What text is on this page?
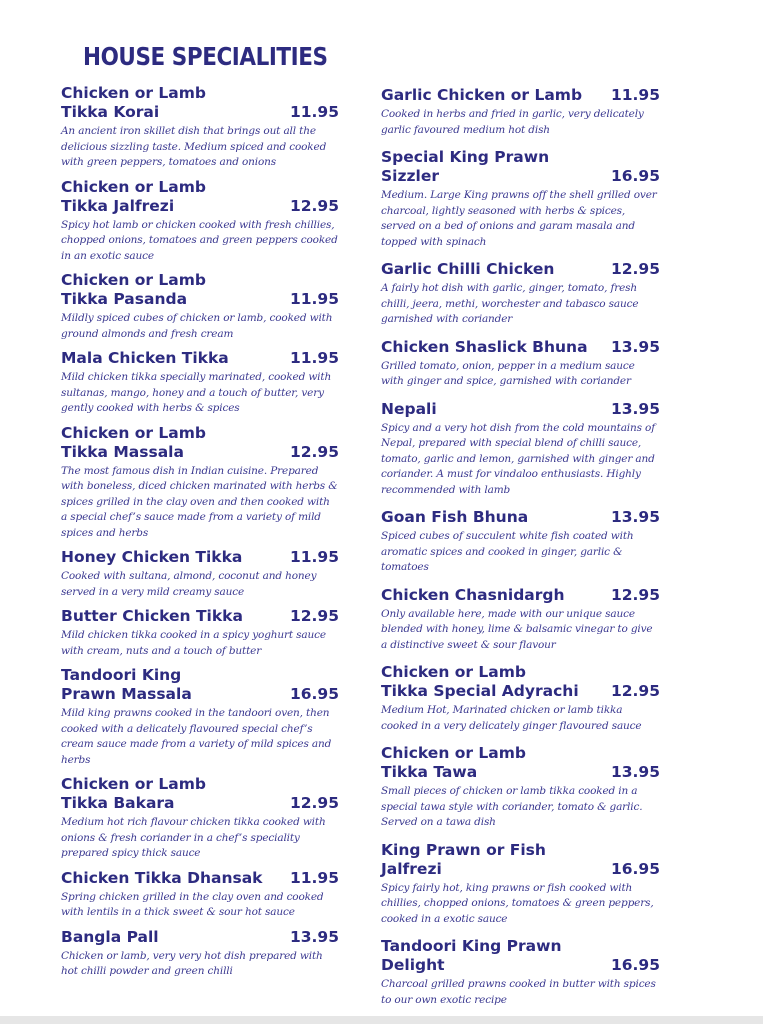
HOUSE SPECIALITIES
Chicken or Lamb
Tikka Korai	11.95
An ancient iron skillet dish that brings out all the delicious sizzling taste. Medium spiced and cooked with green peppers, tomatoes and onions
Chicken or Lamb
Tikka Jalfrezi	12.95
Spicy hot lamb or chicken cooked with fresh chillies, chopped onions, tomatoes and green peppers cooked in an exotic sauce
Chicken or Lamb
Tikka Pasanda	11.95
Mildly spiced cubes of chicken or lamb, cooked with ground almonds and fresh cream
Mala Chicken Tikka	11.95
Mild chicken tikka specially marinated, cooked with sultanas, mango, honey and a touch of butter, very gently cooked with herbs & spices
Chicken or Lamb
Tikka Massala	12.95
The most famous dish in Indian cuisine. Prepared with boneless, diced chicken marinated with herbs & spices grilled in the clay oven and then cooked with a special chef’s sauce made from a variety of mild spices and herbs
Honey Chicken Tikka	11.95
Cooked with sultana, almond, coconut and honey served in a very mild creamy sauce
Butter Chicken Tikka	12.95
Mild chicken tikka cooked in a spicy yoghurt sauce with cream, nuts and a touch of butter
Tandoori King
Prawn Massala	16.95
Mild king prawns cooked in the tandoori oven, then cooked with a delicately flavoured special chef’s cream sauce made from a variety of mild spices and herbs
Chicken or Lamb
Tikka Bakara	12.95
Medium hot rich flavour chicken tikka cooked with onions & fresh coriander in a chef’s speciality prepared spicy thick sauce
Chicken Tikka Dhansak	11.95
Spring chicken grilled in the clay oven and cooked with lentils in a thick sweet & sour hot sauce
Bangla Pall	13.95
Chicken or lamb, very very hot dish prepared with hot chilli powder and green chilli
Garlic Chicken or Lamb	11.95
Cooked in herbs and fried in garlic, very delicately garlic favoured medium hot dish
Special King Prawn Sizzler	16.95
Medium. Large King prawns off the shell grilled over charcoal, lightly seasoned with herbs & spices, served on a bed of onions and garam masala and topped with spinach
Garlic Chilli Chicken	12.95
A fairly hot dish with garlic, ginger, tomato, fresh chilli, jeera, methi, worchester and tabasco sauce garnished with coriander
Chicken Shaslick Bhuna	13.95
Grilled tomato, onion, pepper in a medium sauce with ginger and spice, garnished with coriander
Nepali	13.95
Spicy and a very hot dish from the cold mountains of Nepal, prepared with special blend of chilli sauce, tomato, garlic and lemon, garnished with ginger and coriander. A must for vindaloo enthusiasts. Highly recommended with lamb
Goan Fish Bhuna	13.95
Spiced cubes of succulent white fish coated with aromatic spices and cooked in ginger, garlic & tomatoes
Chicken Chasnidargh	12.95
Only available here, made with our unique sauce blended with honey, lime & balsamic vinegar to give a distinctive sweet & sour flavour
Chicken or Lamb
Tikka Special Adyrachi	12.95
Medium Hot, Marinated chicken or lamb tikka cooked in a very delicately ginger flavoured sauce
Chicken or Lamb
Tikka Tawa	13.95
Small pieces of chicken or lamb tikka cooked in a special tawa style with coriander, tomato & garlic. Served on a tawa dish
King Prawn or Fish Jalfrezi	16.95
Spicy fairly hot, king prawns or fish cooked with chillies, chopped onions, tomatoes & green peppers, cooked in a exotic sauce
Tandoori King Prawn Delight	16.95
Charcoal grilled prawns cooked in butter with spices to our own exotic recipe
